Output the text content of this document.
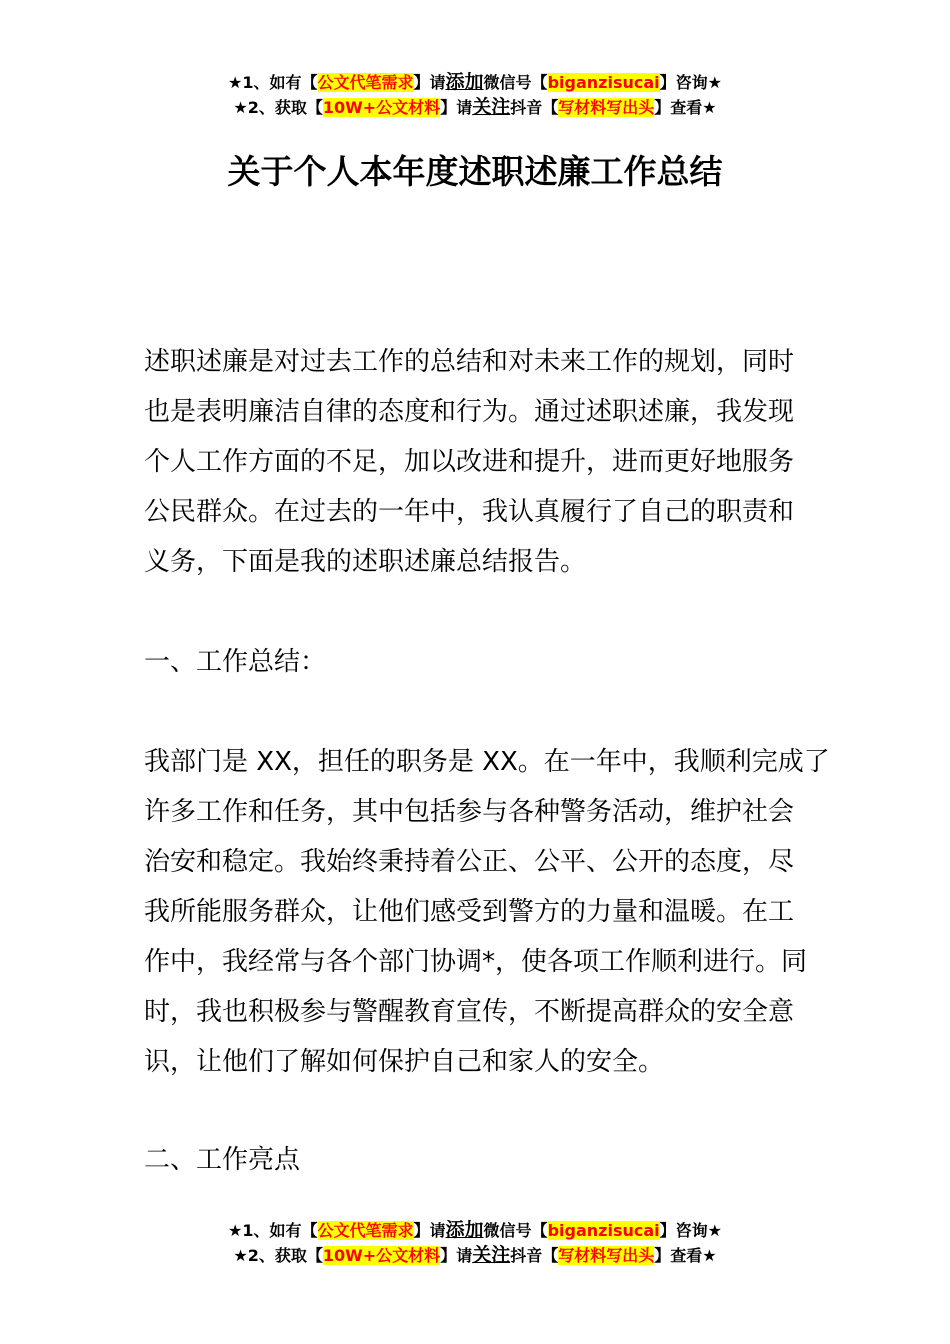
★1、如有【公文代笔需求】请添加微信号【biganzisucai】咨询★
★2、获取【10W+公文材料】请关注抖音【写材料写出头】查看★
关于个人本年度述职述廉工作总结

述职述廉是对过去工作的总结和对未来工作的规划，同时
也是表明廉洁自律的态度和行为。通过述职述廉，我发现
个人工作方面的不足，加以改进和提升，进而更好地服务
公民群众。在过去的一年中，我认真履行了自己的职责和
义务，下面是我的述职述廉总结报告。

一、工作总结：

我部门是 XX，担任的职务是 XX。在一年中，我顺利完成了
许多工作和任务，其中包括参与各种警务活动，维护社会
治安和稳定。我始终秉持着公正、公平、公开的态度，尽
我所能服务群众，让他们感受到警方的力量和温暖。在工
作中，我经常与各个部门协调*，使各项工作顺利进行。同
时，我也积极参与警醒教育宣传，不断提高群众的安全意
识，让他们了解如何保护自己和家人的安全。

二、工作亮点

★1、如有【公文代笔需求】请添加微信号【biganzisucai】咨询★
★2、获取【10W+公文材料】请关注抖音【写材料写出头】查看★
